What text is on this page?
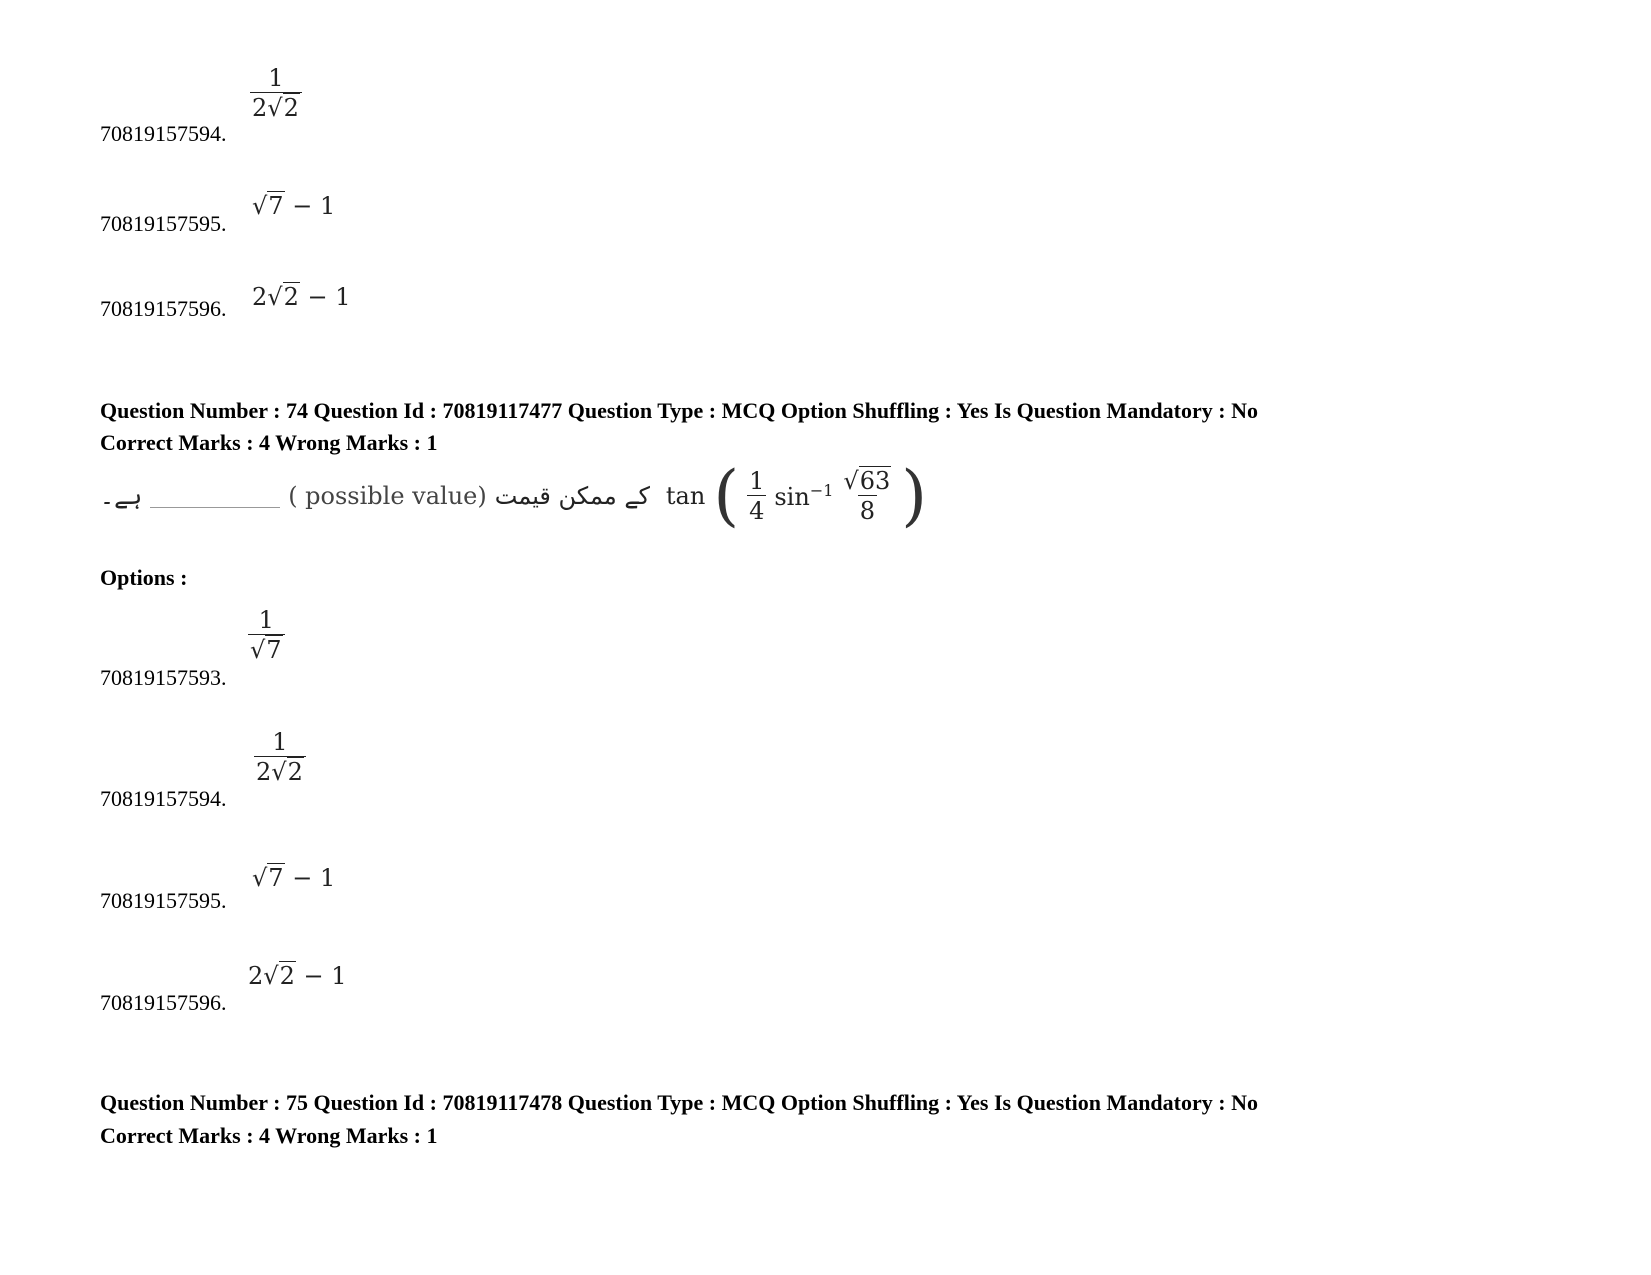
$\frac{1}{2√2}$
70819157594.
√7 − 1
70819157595.
2√2 − 1
70819157596.
Question Number : 74 Question Id : 70819117477 Question Type : MCQ Option Shuffling : Yes Is Question Mandatory : No
Correct Marks : 4 Wrong Marks : 1
ہے۔	( possible value) کے ممکن قیمت tan ( $\frac{1}{4} \sin^{-1} \frac{√63}{8}$ )
Options :
$\frac{1}{√7}$
70819157593.
$\frac{1}{2√2}$
70819157594.
√7 − 1
70819157595.
2√2 − 1
70819157596.
Question Number : 75 Question Id : 70819117478 Question Type : MCQ Option Shuffling : Yes Is Question Mandatory : No
Correct Marks : 4 Wrong Marks : 1
